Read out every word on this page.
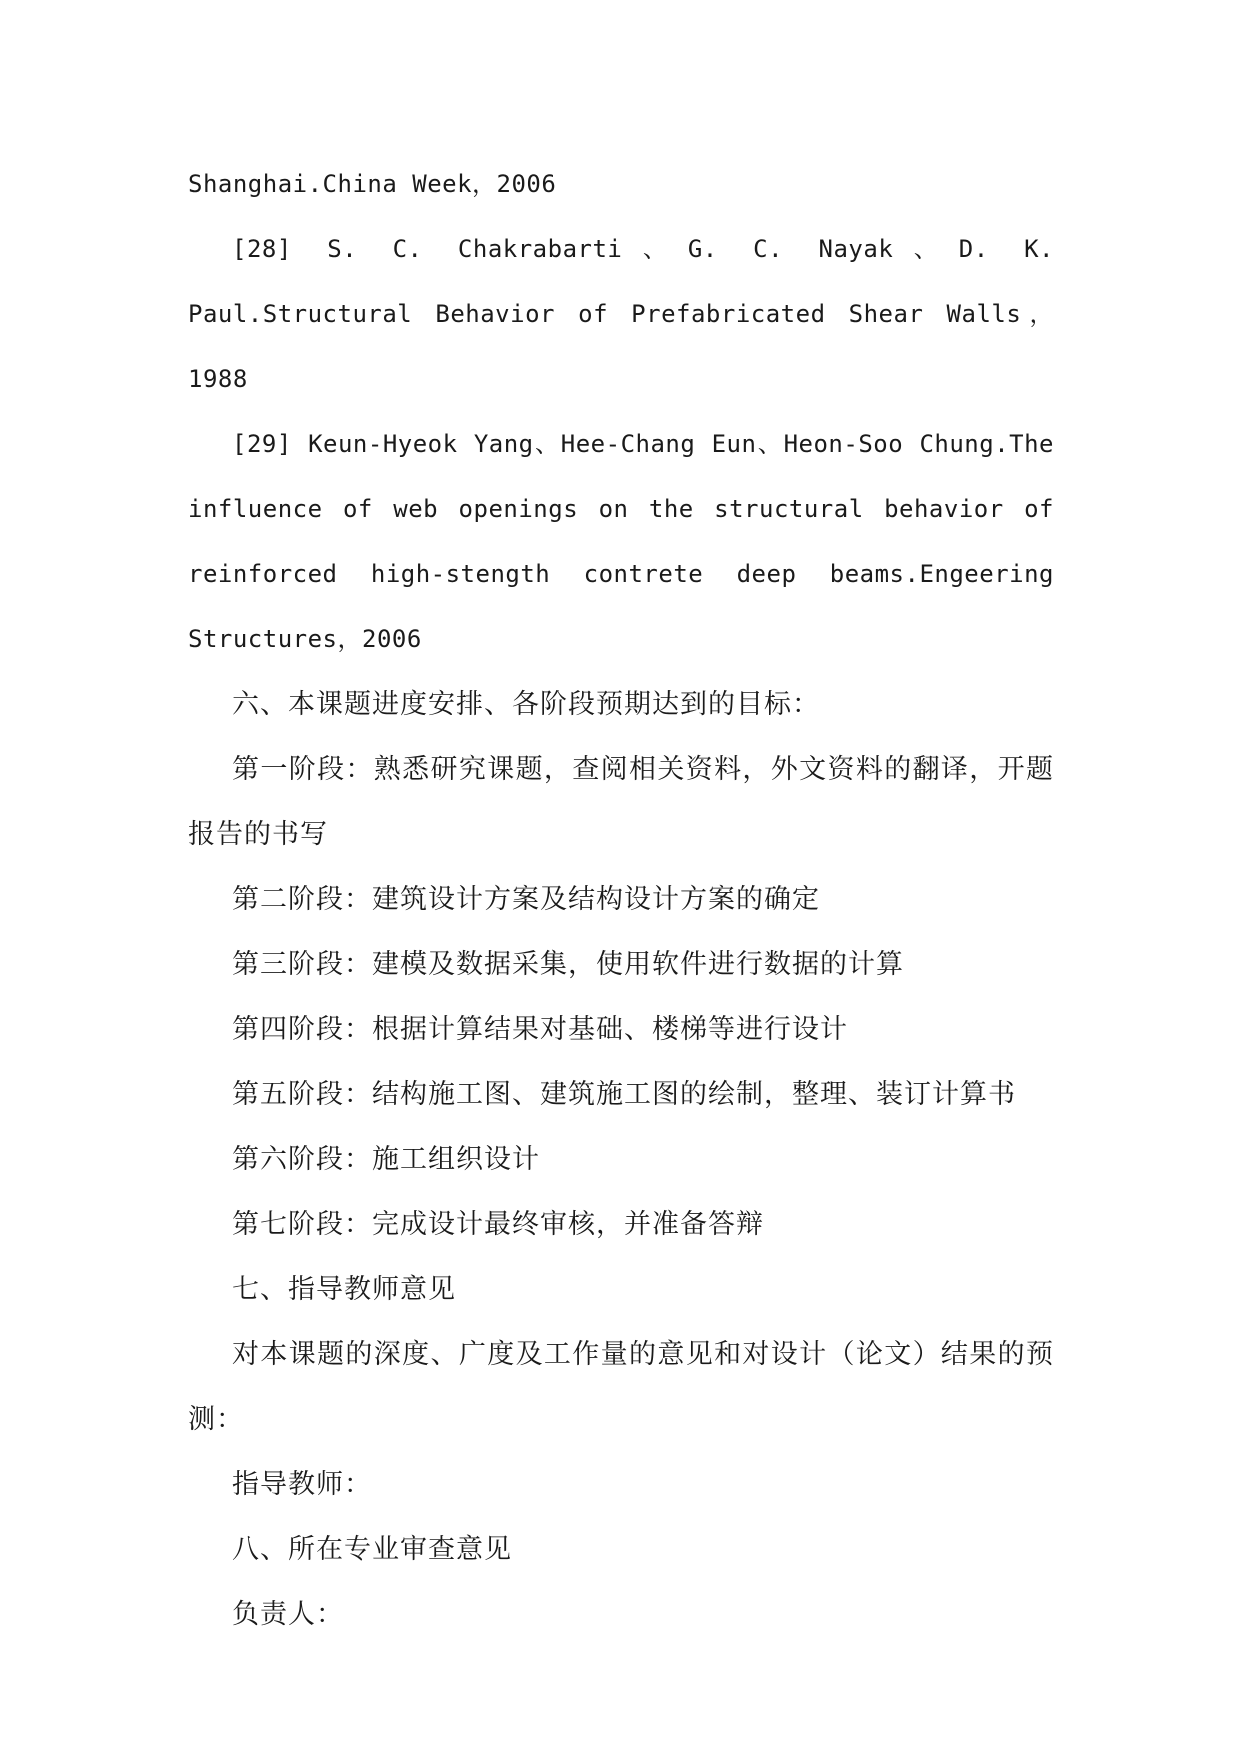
Shanghai.China Week，2006

[28] S. C. Chakrabarti、G. C. Nayak、D. K. Paul.Structural Behavior of Prefabricated Shear Walls，1988

[29] Keun-Hyeok Yang、Hee-Chang Eun、Heon-Soo Chung.The influence of web openings on the structural behavior of reinforced high-stength contrete deep beams.Engeering Structures，2006

六、本课题进度安排、各阶段预期达到的目标：

第一阶段：熟悉研究课题，查阅相关资料，外文资料的翻译，开题报告的书写

第二阶段：建筑设计方案及结构设计方案的确定

第三阶段：建模及数据采集，使用软件进行数据的计算

第四阶段：根据计算结果对基础、楼梯等进行设计

第五阶段：结构施工图、建筑施工图的绘制，整理、装订计算书

第六阶段：施工组织设计

第七阶段：完成设计最终审核，并准备答辩

七、指导教师意见

对本课题的深度、广度及工作量的意见和对设计（论文）结果的预测：

指导教师：

八、所在专业审查意见

负责人：
